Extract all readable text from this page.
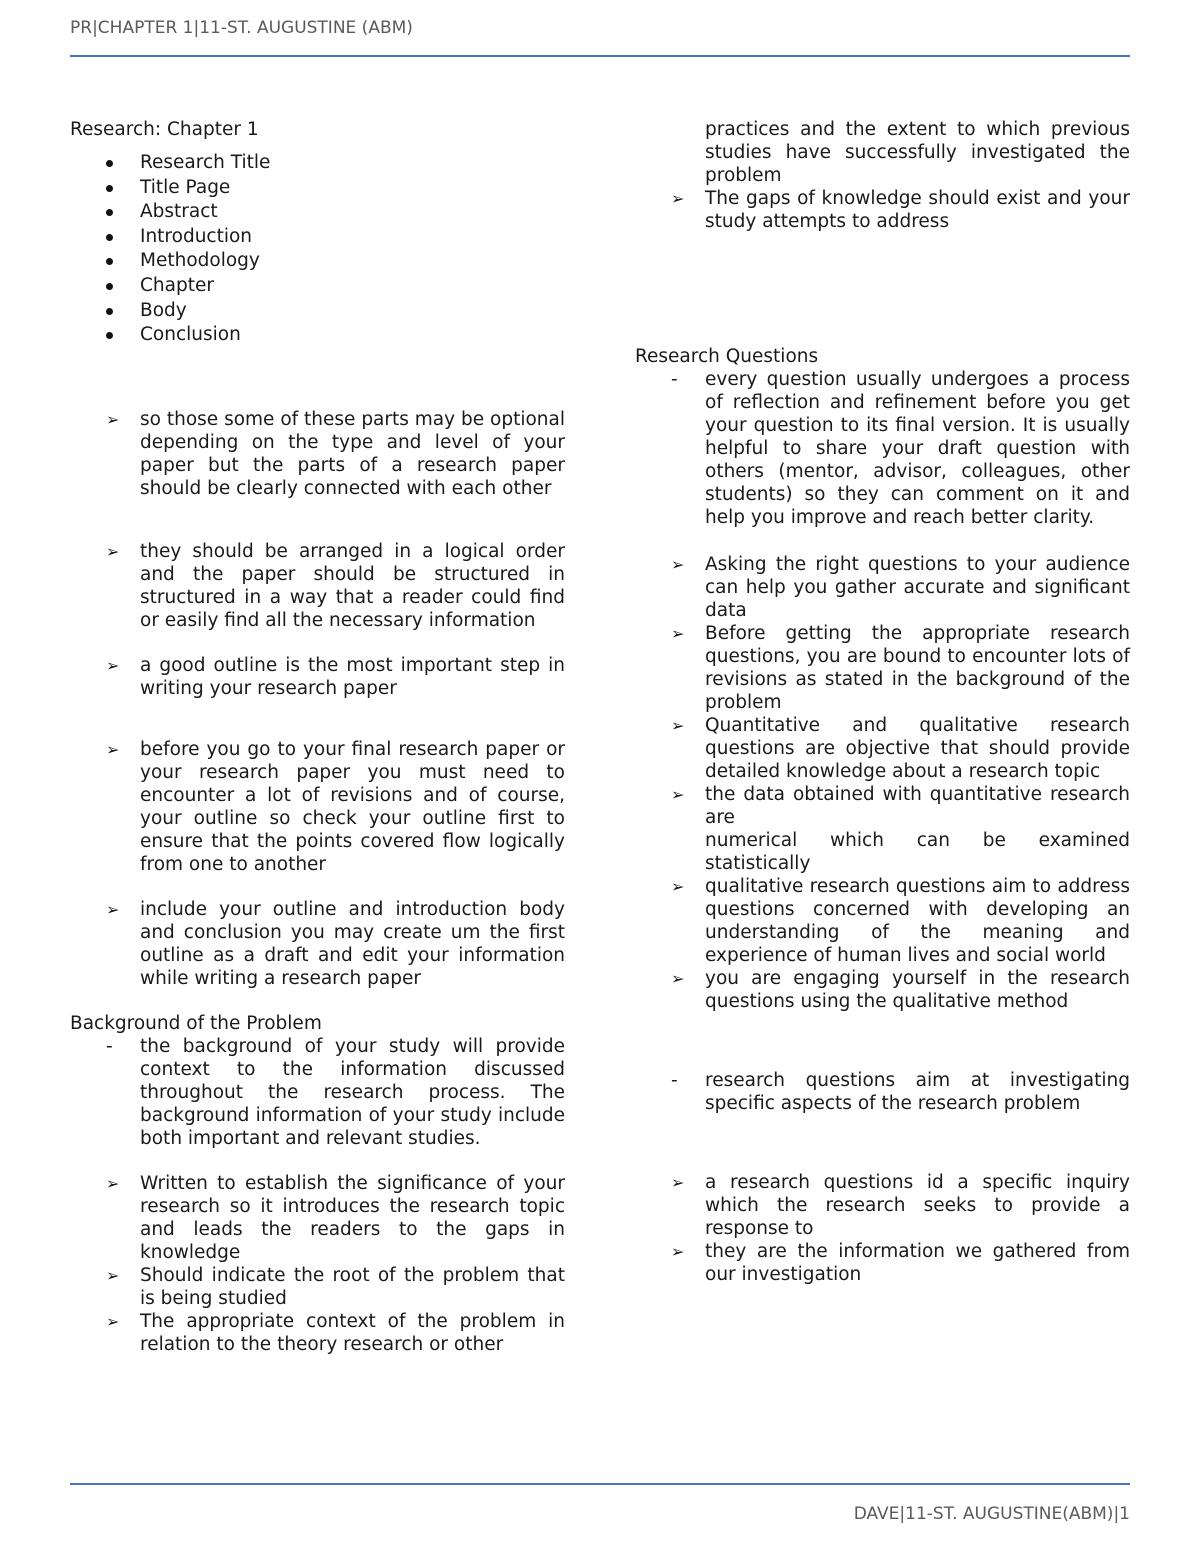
PR|CHAPTER 1|11-ST. AUGUSTINE (ABM)

Research: Chapter 1

Research Title
Title Page
Abstract
Introduction
Methodology
Chapter
Body
Conclusion
➢ so those some of these parts may be optional depending on the type and level of your paper but the parts of a research paper should be clearly connected with each other

➢ they should be arranged in a logical order and the paper should be structured in structured in a way that a reader could find or easily find all the necessary information

➢ a good outline is the most important step in writing your research paper

➢ before you go to your final research paper or your research paper you must need to encounter a lot of revisions and of course, your outline so check your outline first to ensure that the points covered flow logically from one to another

➢ include your outline and introduction body and conclusion you may create um the first outline as a draft and edit your information while writing a research paper

Background of the Problem

- the background of your study will provide context to the information discussed throughout the research process. The background information of your study include both important and relevant studies.

➢ Written to establish the significance of your research so it introduces the research topic and leads the readers to the gaps in knowledge

➢ Should indicate the root of the problem that is being studied

➢ The appropriate context of the problem in relation to the theory research or other

practices and the extent to which previous studies have successfully investigated the problem

➢ The gaps of knowledge should exist and your study attempts to address

Research Questions

- every question usually undergoes a process of reflection and refinement before you get your question to its final version. It is usually helpful to share your draft question with others (mentor, advisor, colleagues, other students) so they can comment on it and help you improve and reach better clarity.

➢ Asking the right questions to your audience can help you gather accurate and significant data

➢ Before getting the appropriate research questions, you are bound to encounter lots of revisions as stated in the background of the problem

➢ Quantitative and qualitative research questions are objective that should provide detailed knowledge about a research topic

➢ the data obtained with quantitative research are

numerical which can be examined statistically

➢ qualitative research questions aim to address questions concerned with developing an understanding of the meaning and experience of human lives and social world

➢ you are engaging yourself in the research questions using the qualitative method

- research questions aim at investigating specific aspects of the research problem

➢ a research questions id a specific inquiry which the research seeks to provide a response to

➢ they are the information we gathered from our investigation

DAVE|11-ST. AUGUSTINE(ABM)|1
